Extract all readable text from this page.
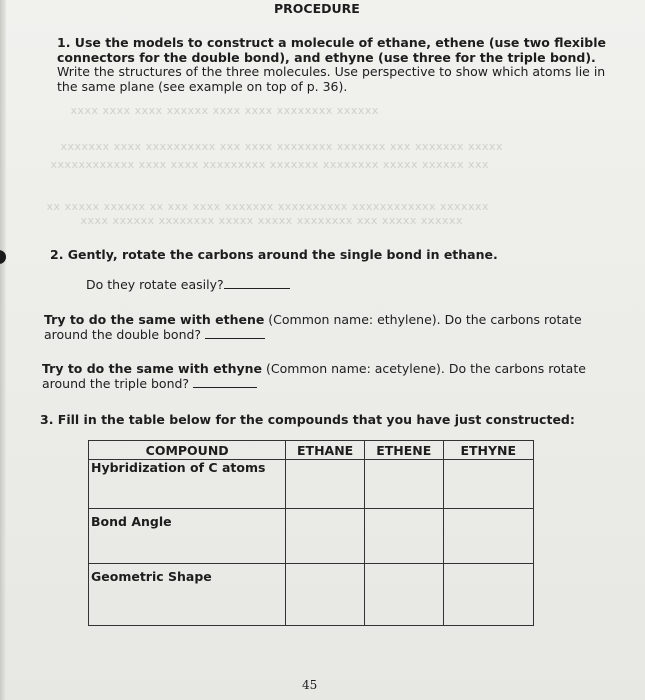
xxxxxx xxxxxxxx xxxx xxxx xxxxxx xxxx xxxx xxxx
xxxxx xxxxxxx xxx xxxxxxx xxxxxxxx xxxx xxx xxxxxxxxxx xxxx xxxxxxx
xxx xxxxxx xxxxx xxxxxxxx xxxxxxx xxxxxxxxx xxxx xxxx xxxxxxxxxxxx
xxxxxxx xxxxxxxxxxxx xxxxxxxxxx xxxxxxx xxxx xxx xx xxxxxx xxxxx xx
xxxxxx xxxxx xxx xxxxxxxx xxxxx xxxxx xxxxxxxx xxxxxx xxxx
PROCEDURE
1. Use the models to construct a molecule of ethane, ethene (use two flexible
connectors for the double bond), and ethyne (use three for the triple bond).
Write the structures of the three molecules. Use perspective to show which atoms lie in
the same plane (see example on top of p. 36).
2. Gently, rotate the carbons around the single bond in ethane.
Do they rotate easily?
Try to do the same with ethene (Common name: ethylene). Do the carbons rotate
around the double bond?
Try to do the same with ethyne (Common name: acetylene). Do the carbons rotate
around the triple bond?
3. Fill in the table below for the compounds that you have just constructed:
COMPOUND	ETHANE	ETHENE	ETHYNE
Hybridization of C atoms			
Bond Angle			
Geometric Shape			
45
